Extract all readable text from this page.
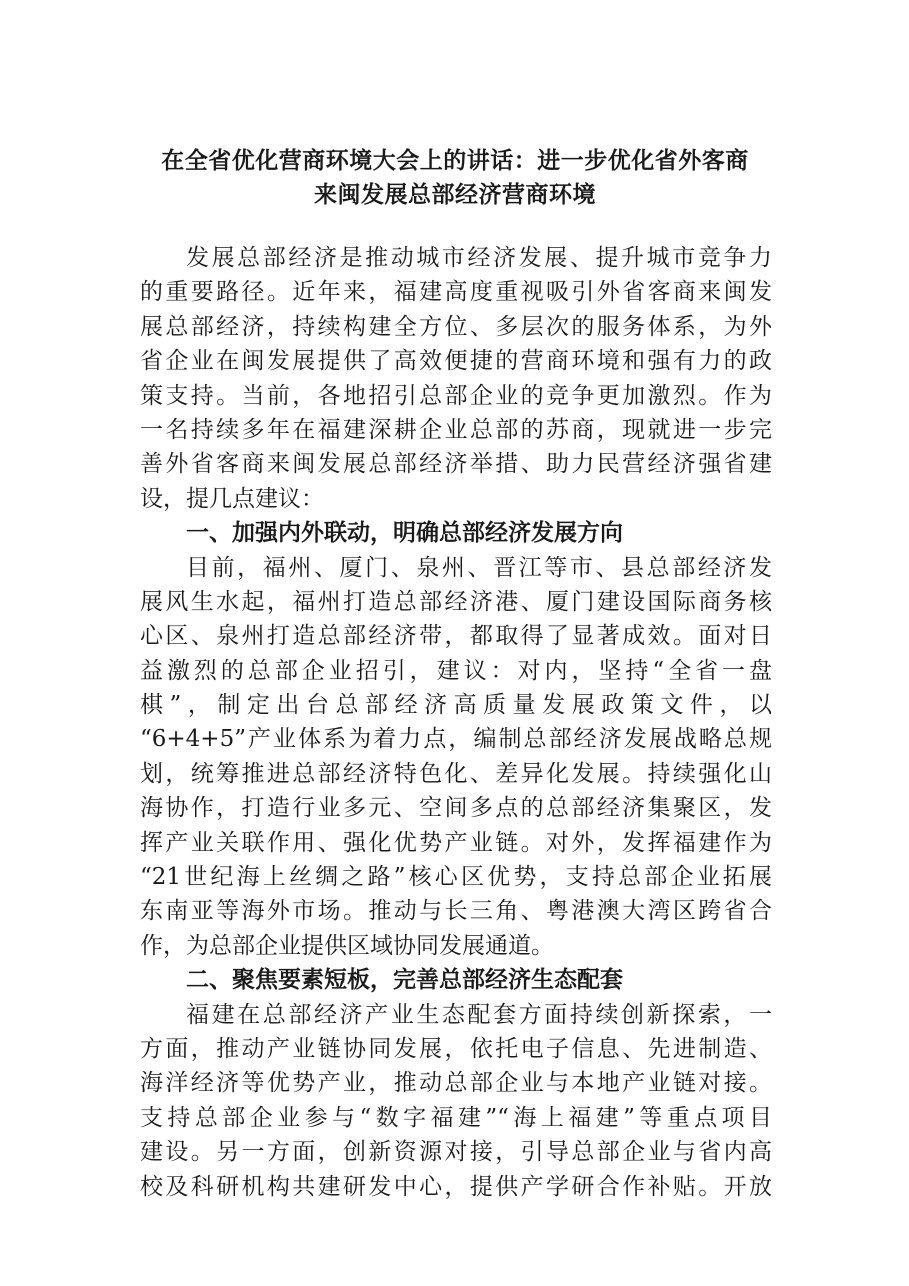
在全省优化营商环境大会上的讲话：进一步优化省外客商
来闽发展总部经济营商环境
发展总部经济是推动城市经济发展、提升城市竞争力
的重要路径。近年来，福建高度重视吸引外省客商来闽发
展总部经济，持续构建全方位、多层次的服务体系，为外
省企业在闽发展提供了高效便捷的营商环境和强有力的政
策支持。当前，各地招引总部企业的竞争更加激烈。作为
一名持续多年在福建深耕企业总部的苏商，现就进一步完
善外省客商来闽发展总部经济举措、助力民营经济强省建
设，提几点建议：
一、加强内外联动，明确总部经济发展方向
目前，福州、厦门、泉州、晋江等市、县总部经济发
展风生水起，福州打造总部经济港、厦门建设国际商务核
心区、泉州打造总部经济带，都取得了显著成效。面对日
益激烈的总部企业招引，建议：对内，坚持“全省一盘
棋”，制定出台总部经济高质量发展政策文件，以
“6+4+5”产业体系为着力点，编制总部经济发展战略总规
划，统筹推进总部经济特色化、差异化发展。持续强化山
海协作，打造行业多元、空间多点的总部经济集聚区，发
挥产业关联作用、强化优势产业链。对外，发挥福建作为
“21世纪海上丝绸之路”核心区优势，支持总部企业拓展
东南亚等海外市场。推动与长三角、粤港澳大湾区跨省合
作，为总部企业提供区域协同发展通道。
二、聚焦要素短板，完善总部经济生态配套
福建在总部经济产业生态配套方面持续创新探索，一
方面，推动产业链协同发展，依托电子信息、先进制造、
海洋经济等优势产业，推动总部企业与本地产业链对接。
支持总部企业参与“数字福建”“海上福建”等重点项目
建设。另一方面，创新资源对接，引导总部企业与省内高
校及科研机构共建研发中心，提供产学研合作补贴。开放
